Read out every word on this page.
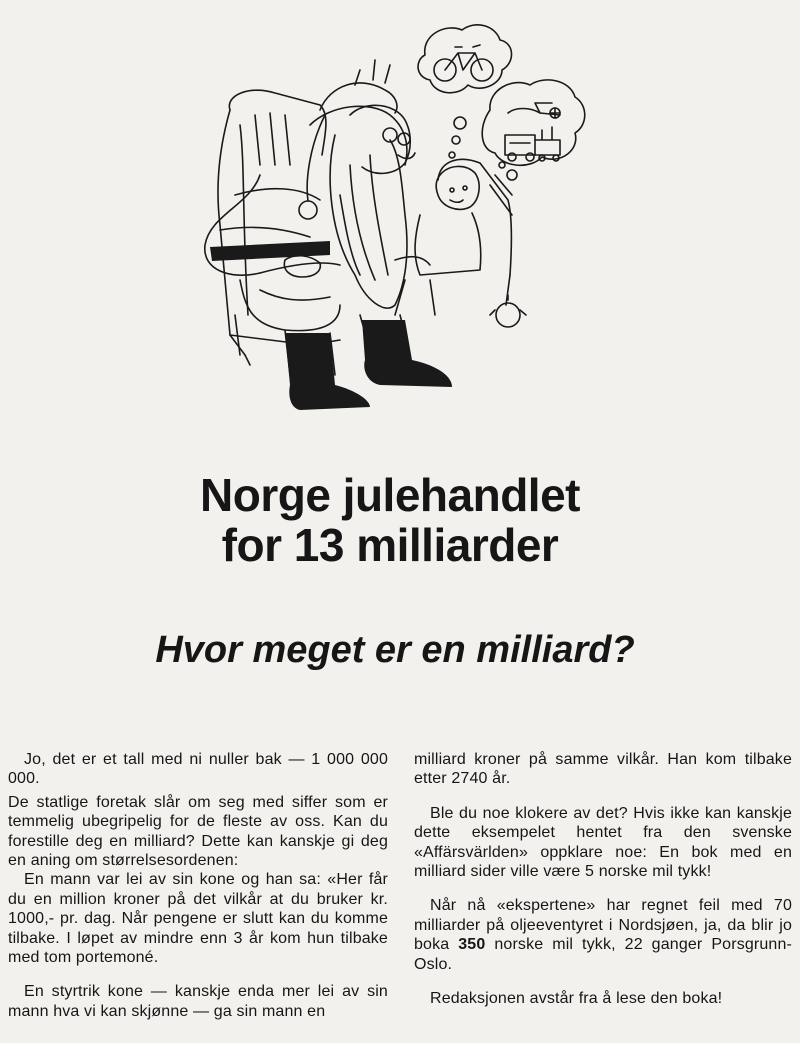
Norge julehandlet
for 13 milliarder
Hvor meget er en milliard?

Jo, det er et tall med ni nuller bak — 1 000 000 000.

De statlige foretak slår om seg med siffer som er temmelig ubegripelig for de fleste av oss. Kan du forestille deg en milliard? Dette kan kanskje gi deg en aning om størrelsesordenen:

En mann var lei av sin kone og han sa: «Her får du en million kroner på det vilkår at du bruker kr. 1000,- pr. dag. Når pengene er slutt kan du komme tilbake. I løpet av mindre enn 3 år kom hun tilbake med tom portemoné.

En styrtrik kone — kanskje enda mer lei av sin mann hva vi kan skjønne — ga sin mann en

milliard kroner på samme vilkår. Han kom tilbake etter 2740 år.

Ble du noe klokere av det? Hvis ikke kan kanskje dette eksempelet hentet fra den svenske «Affärsvärlden» oppklare noe: En bok med en milliard sider ville være 5 norske mil tykk!

Når nå «ekspertene» har regnet feil med 70 milliarder på oljeeventyret i Nordsjøen, ja, da blir jo boka 350 norske mil tykk, 22 ganger Porsgrunn-Oslo.

Redaksjonen avstår fra å lese den boka!
